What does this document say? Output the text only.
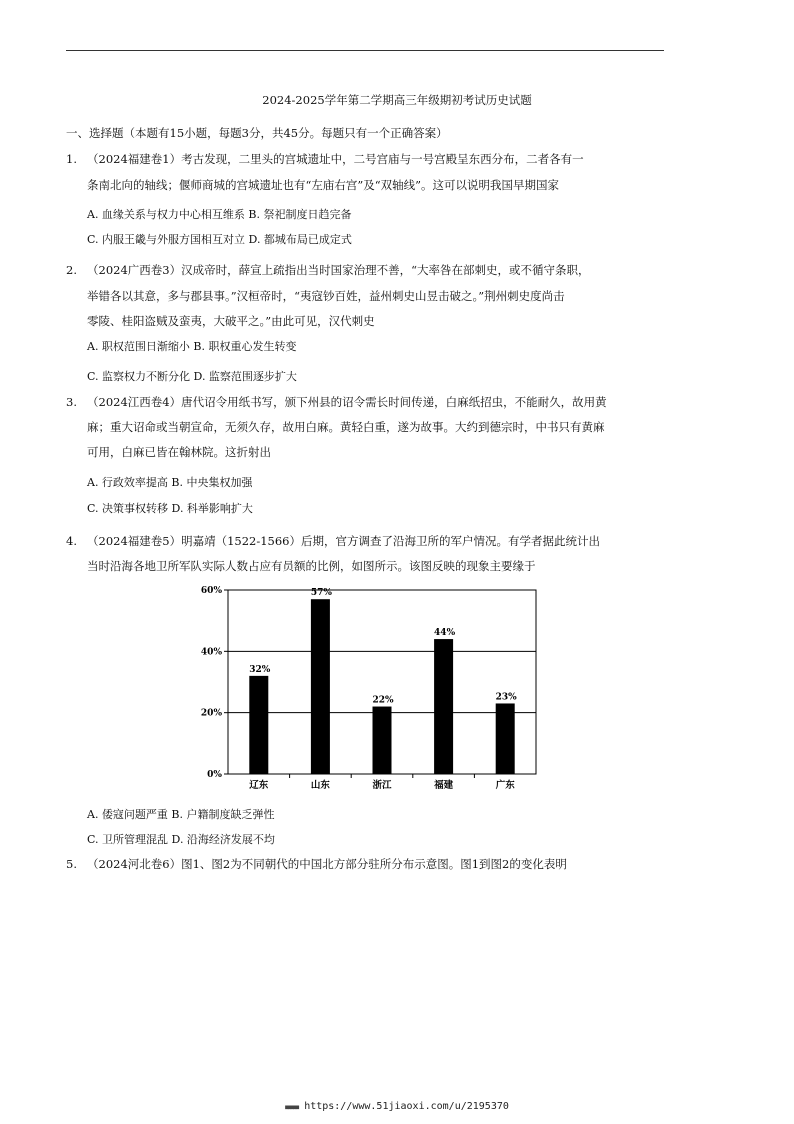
2024-2025学年第二学期高三年级期初考试历史试题
一、选择题（本题有15小题，每题3分，共45分。每题只有一个正确答案）
1. （2024福建卷1）考古发现，二里头的宫城遗址中，二号宫庙与一号宫殿呈东西分布，二者各有一
条南北向的轴线；偃师商城的宫城遗址也有“左庙右宫”及“双轴线”。这可以说明我国早期国家
A. 血缘关系与权力中心相互维系 B. 祭祀制度日趋完备
C. 内服王畿与外服方国相互对立 D. 都城布局已成定式
2. （2024广西卷3）汉成帝时，薛宣上疏指出当时国家治理不善，“大率咎在部刺史，或不循守条职，
举错各以其意，多与郡县事。”汉桓帝时，“夷寇钞百姓，益州刺史山昱击破之。”荆州刺史度尚击
零陵、桂阳盗贼及蛮夷，大破平之。”由此可见，汉代刺史
A. 职权范围日渐缩小 B. 职权重心发生转变
C. 监察权力不断分化 D. 监察范围逐步扩大
3. （2024江西卷4）唐代诏令用纸书写，颁下州县的诏令需长时间传递，白麻纸招虫，不能耐久，故用黄
麻；重大诏命或当朝宣命，无须久存，故用白麻。黄轻白重，遂为故事。大约到德宗时，中书只有黄麻
可用，白麻已皆在翰林院。这折射出
A. 行政效率提高 B. 中央集权加强
C. 决策事权转移 D. 科举影响扩大
4. （2024福建卷5）明嘉靖（1522-1566）后期，官方调查了沿海卫所的军户情况。有学者据此统计出
当时沿海各地卫所军队实际人数占应有员额的比例，如图所示。该图反映的现象主要缘于
0%
20%
40%
60%
32%
57%
22%
44%
23%
辽东	山东	浙江	福建	广东
A. 倭寇问题严重 B. 户籍制度缺乏弹性
C. 卫所管理混乱 D. 沿海经济发展不均
5. （2024河北卷6）图1、图2为不同朝代的中国北方部分驻所分布示意图。图1到图2的变化表明
■■■■■ https://www.51jiaoxi.com/u/2195370
